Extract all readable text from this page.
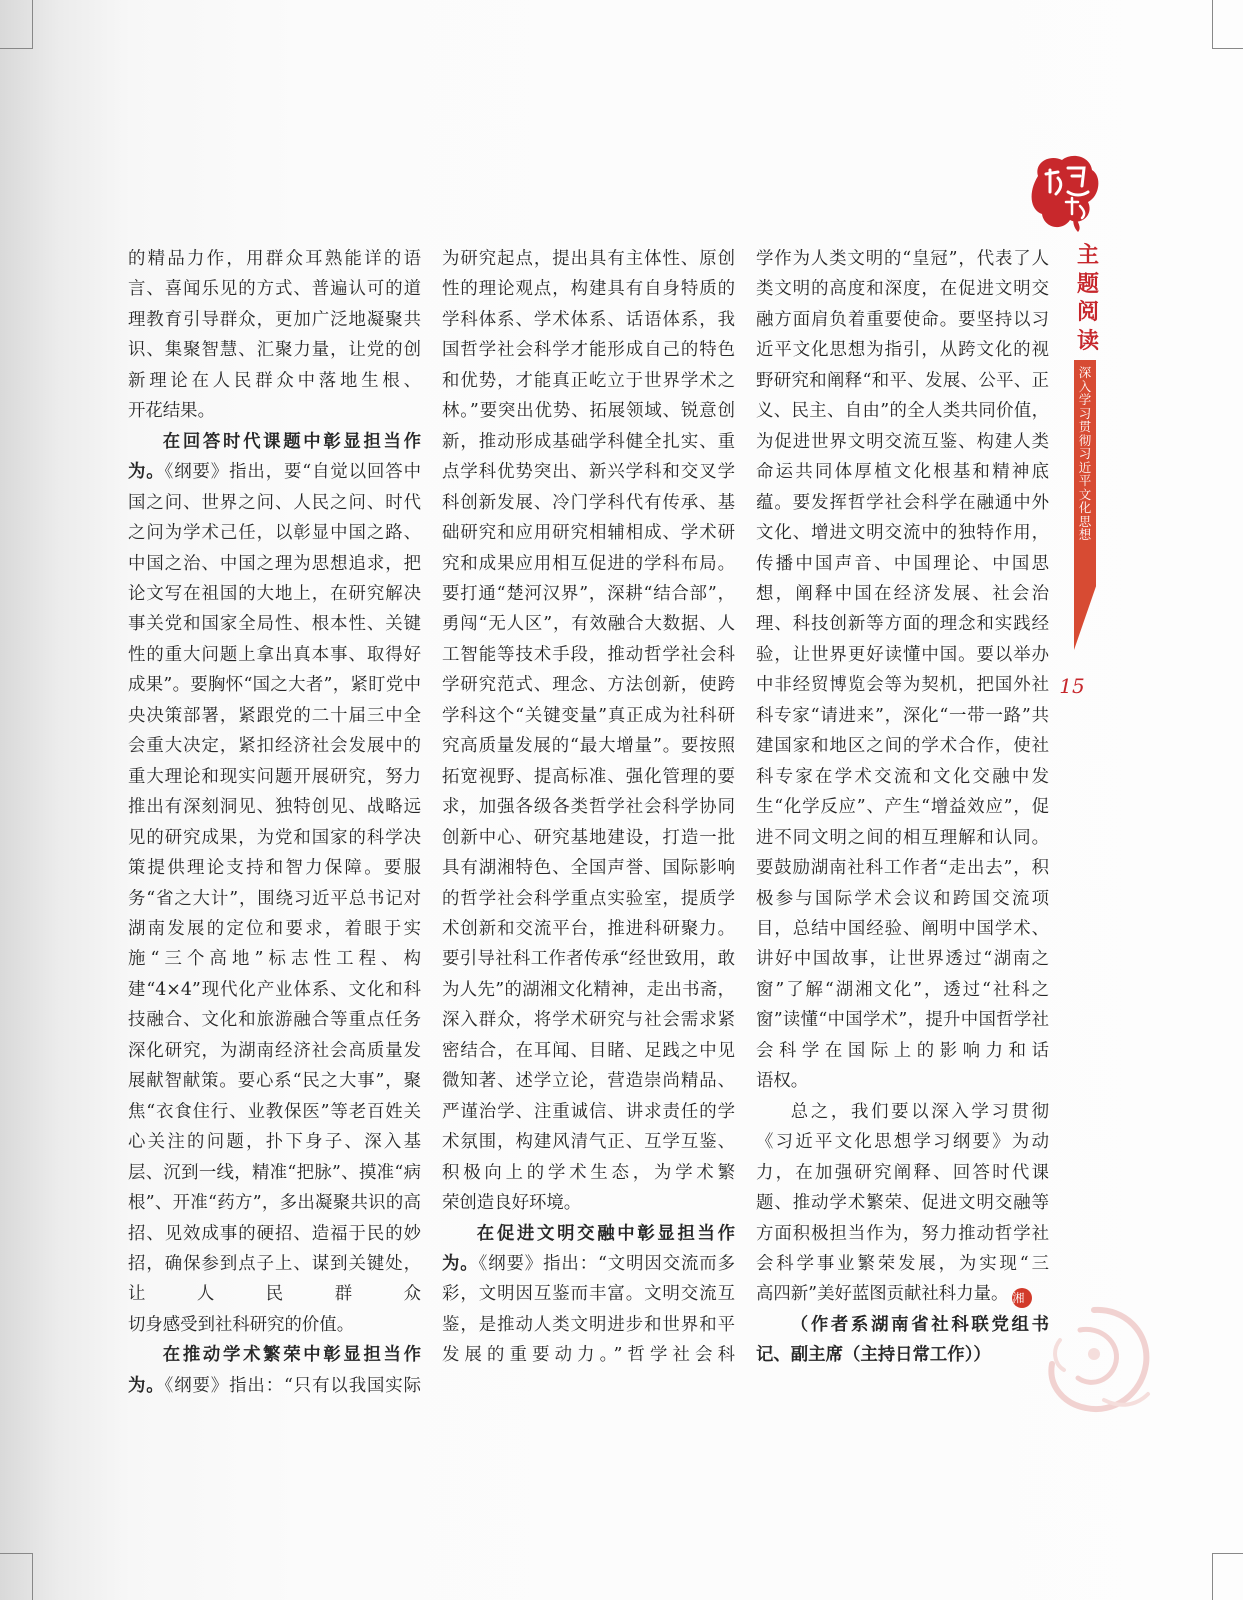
的精品力作，用群众耳熟能详的语言、喜闻乐见的方式、普遍认可的道理教育引导群众，更加广泛地凝聚共识、集聚智慧、汇聚力量，让党的创新理论在人民群众中落地生根、

开花结果。

在回答时代课题中彰显担当作为。《纲要》指出，要“自觉以回答中国之问、世界之问、人民之问、时代之问为学术己任，以彰显中国之路、中国之治、中国之理为思想追求，把论文写在祖国的大地上，在研究解决事关党和国家全局性、根本性、关键性的重大问题上拿出真本事、取得好成果”。要胸怀“国之大者”，紧盯党中央决策部署，紧跟党的二十届三中全会重大决定，紧扣经济社会发展中的重大理论和现实问题开展研究，努力推出有深刻洞见、独特创见、战略远见的研究成果，为党和国家的科学决策提供理论支持和智力保障。要服务“省之大计”，围绕习近平总书记对湖南发展的定位和要求，着眼于实施“三个高地”标志性工程、构建“4×4”现代化产业体系、文化和科技融合、文化和旅游融合等重点任务深化研究，为湖南经济社会高质量发展献智献策。要心系“民之大事”，聚焦“衣食住行、业教保医”等老百姓关心关注的问题，扑下身子、深入基层、沉到一线，精准“把脉”、摸准“病根”、开准“药方”，多出凝聚共识的高招、见效成事的硬招、造福于民的妙招，确保参到点子上、谋到关键处，让人民群众

切身感受到社科研究的价值。

在推动学术繁荣中彰显担当作为。《纲要》指出：“只有以我国实际

为研究起点，提出具有主体性、原创性的理论观点，构建具有自身特质的学科体系、学术体系、话语体系，我国哲学社会科学才能形成自己的特色和优势，才能真正屹立于世界学术之林。”要突出优势、拓展领域、锐意创新，推动形成基础学科健全扎实、重点学科优势突出、新兴学科和交叉学科创新发展、冷门学科代有传承、基础研究和应用研究相辅相成、学术研究和成果应用相互促进的学科布局。要打通“楚河汉界”，深耕“结合部”，勇闯“无人区”，有效融合大数据、人工智能等技术手段，推动哲学社会科学研究范式、理念、方法创新，使跨学科这个“关键变量”真正成为社科研究高质量发展的“最大增量”。要按照拓宽视野、提高标准、强化管理的要求，加强各级各类哲学社会科学协同创新中心、研究基地建设，打造一批具有湖湘特色、全国声誉、国际影响的哲学社会科学重点实验室，提质学术创新和交流平台，推进科研聚力。要引导社科工作者传承“经世致用，敢为人先”的湖湘文化精神，走出书斋，深入群众，将学术研究与社会需求紧密结合，在耳闻、目睹、足践之中见微知著、述学立论，营造崇尚精品、严谨治学、注重诚信、讲求责任的学术氛围，构建风清气正、互学互鉴、积极向上的学术生态，为学术繁

荣创造良好环境。

在促进文明交融中彰显担当作为。《纲要》指出：“文明因交流而多彩，文明因互鉴而丰富。文明交流互鉴，是推动人类文明进步和世界和平发展的重要动力。”哲学社会科

学作为人类文明的“皇冠”，代表了人类文明的高度和深度，在促进文明交融方面肩负着重要使命。要坚持以习近平文化思想为指引，从跨文化的视野研究和阐释“和平、发展、公平、正义、民主、自由”的全人类共同价值，为促进世界文明交流互鉴、构建人类命运共同体厚植文化根基和精神底蕴。要发挥哲学社会科学在融通中外文化、增进文明交流中的独特作用，传播中国声音、中国理论、中国思想，阐释中国在经济发展、社会治理、科技创新等方面的理念和实践经验，让世界更好读懂中国。要以举办中非经贸博览会等为契机，把国外社科专家“请进来”，深化“一带一路”共建国家和地区之间的学术合作，使社科专家在学术交流和文化交融中发生“化学反应”、产生“增益效应”，促进不同文明之间的相互理解和认同。要鼓励湖南社科工作者“走出去”，积极参与国际学术会议和跨国交流项目，总结中国经验、阐明中国学术、讲好中国故事，让世界透过“湖南之窗”了解“湖湘文化”，透过“社科之窗”读懂“中国学术”，提升中国哲学社会科学在国际上的影响力和话

语权。

总之，我们要以深入学习贯彻《习近平文化思想学习纲要》为动力，在加强研究阐释、回答时代课题、推动学术繁荣、促进文明交融等方面积极担当作为，努力推动哲学社会科学事业繁荣发展，为实现“三

高四新”美好蓝图贡献社科力量。 湘

（作者系湖南省社科联党组书

记、副主席（主持日常工作））

主
题
阅
读
深
入
学
习
贯
彻
习
近
平
文
化
思
想
15
